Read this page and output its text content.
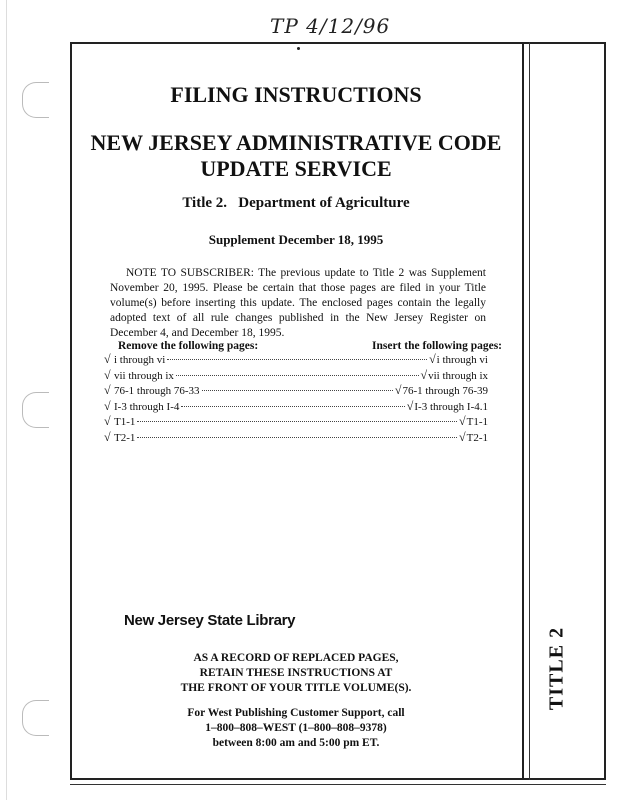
TP 4/12/96
TITLE 2
FILING INSTRUCTIONS
NEW JERSEY ADMINISTRATIVE CODE
UPDATE SERVICE
Title 2.   Department of Agriculture
Supplement December 18, 1995
NOTE TO SUBSCRIBER: The previous update to Title 2 was Supplement November 20, 1995. Please be certain that those pages are filed in your Title volume(s) before inserting this update. The enclosed pages contain the legally adopted text of all rule changes published in the New Jersey Register on December 4, and December 18, 1995.
Remove the following pages:	Insert the following pages:
√ i through vi	√ i through vi
√ vii through ix	√ vii through ix
√ 76-1 through 76-33	√ 76-1 through 76-39
√ I-3 through I-4	√ I-3 through I-4.1
√ T1-1	√ T1-1
√ T2-1	√ T2-1
New Jersey State Library
AS A RECORD OF REPLACED PAGES,
RETAIN THESE INSTRUCTIONS AT
THE FRONT OF YOUR TITLE VOLUME(S).
For West Publishing Customer Support, call
1–800–808–WEST (1–800–808–9378)
between 8:00 am and 5:00 pm ET.
